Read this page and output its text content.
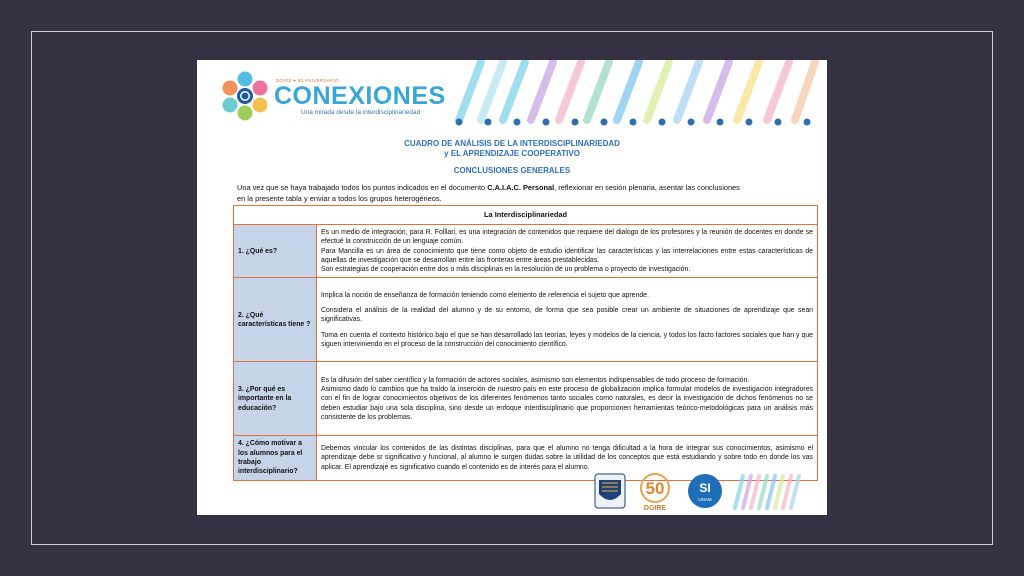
DGIRE ● 50 ANIVERSARIO
CONEXIONES
Una mirada desde la interdisciplinariedad
CUADRO DE ANÁLISIS DE LA INTERDISCIPLINARIEDAD
y EL APRENDIZAJE COOPERATIVO
CONCLUSIONES GENERALES
Una vez que se haya trabajado todos los puntos indicados en el documento C.A.I.A.C. Personal, reflexionar en sesión plenaria, asentar las conclusiones
en la presente tabla y enviar a todos los grupos heterogéneos.
La Interdisciplinariedad	
1. ¿Qué es?	Es un medio de integración, para R. Folllari, es una integración de contenidos que requiere del dialogo de los profesores y la reunión de docentes en donde se efectué la construcción de un lenguaje común.
Para Mancilla es un área de conocimiento que tiene como objeto de estudio identificar las características y las interrelaciones entre estas características de aquellas de investigación que se desarrollan entre las fronteras entre áreas prestablecidas.
Son estrategias de cooperación entre dos o más disciplinas en la resolución de un problema o proyecto de investigación.

2. ¿Qué características tiene ?	Implica la noción de enseñanza de formación teniendo como elemento de referencia el sujeto que aprende.
Considera el análisis de la realidad del alumno y de su entorno, de forma que sea posible crear un ambiente de situaciones de aprendizaje que sean significativas.
Toma en cuenta el contexto histórico bajo el que se han desarrollado las teorías, leyes y modelos de la ciencia, y todos los facto factores sociales que han y que siguen interviniendo en el proceso de la construcción del conocimiento científico.

3. ¿Por qué es importante en la educación?	Es la difusión del saber científico y la formación de actores sociales, asimismo son elementos indispensables de todo proceso de formación.
Asimismo dado lo cambios que ha traído la inserción de nuestro país en este proceso de globalización implica formular modelos de investigación integradores con el fin de lograr conocimientos objetivos de los diferentes fenómenos tanto sociales como naturales, es decir la investigación de dichos fenómenos no se deben estudiar bajo una sola disciplina, sino desde un enfoque interdisciplinario que proporcionen herramientas teórico-metodológicas para un análisis más consistente de los problemas.

4. ¿Cómo motivar a los alumnos para el trabajo interdisciplinario?	Debemos vincular los contenidos de las distintas disciplinas, para que el alumno no tenga dificultad a la hora de integrar sus conocimientos, asimismo el aprendizaje debe sr significativo y funcional, al alumno le surgen dudas sobre la utilidad de los conceptos que está estudiando y sobre todo en donde los vas aplicar. El aprendizaje es significativo cuando el contenido es de interés para el alumno.
50
DGIRE
SI
UNAM
